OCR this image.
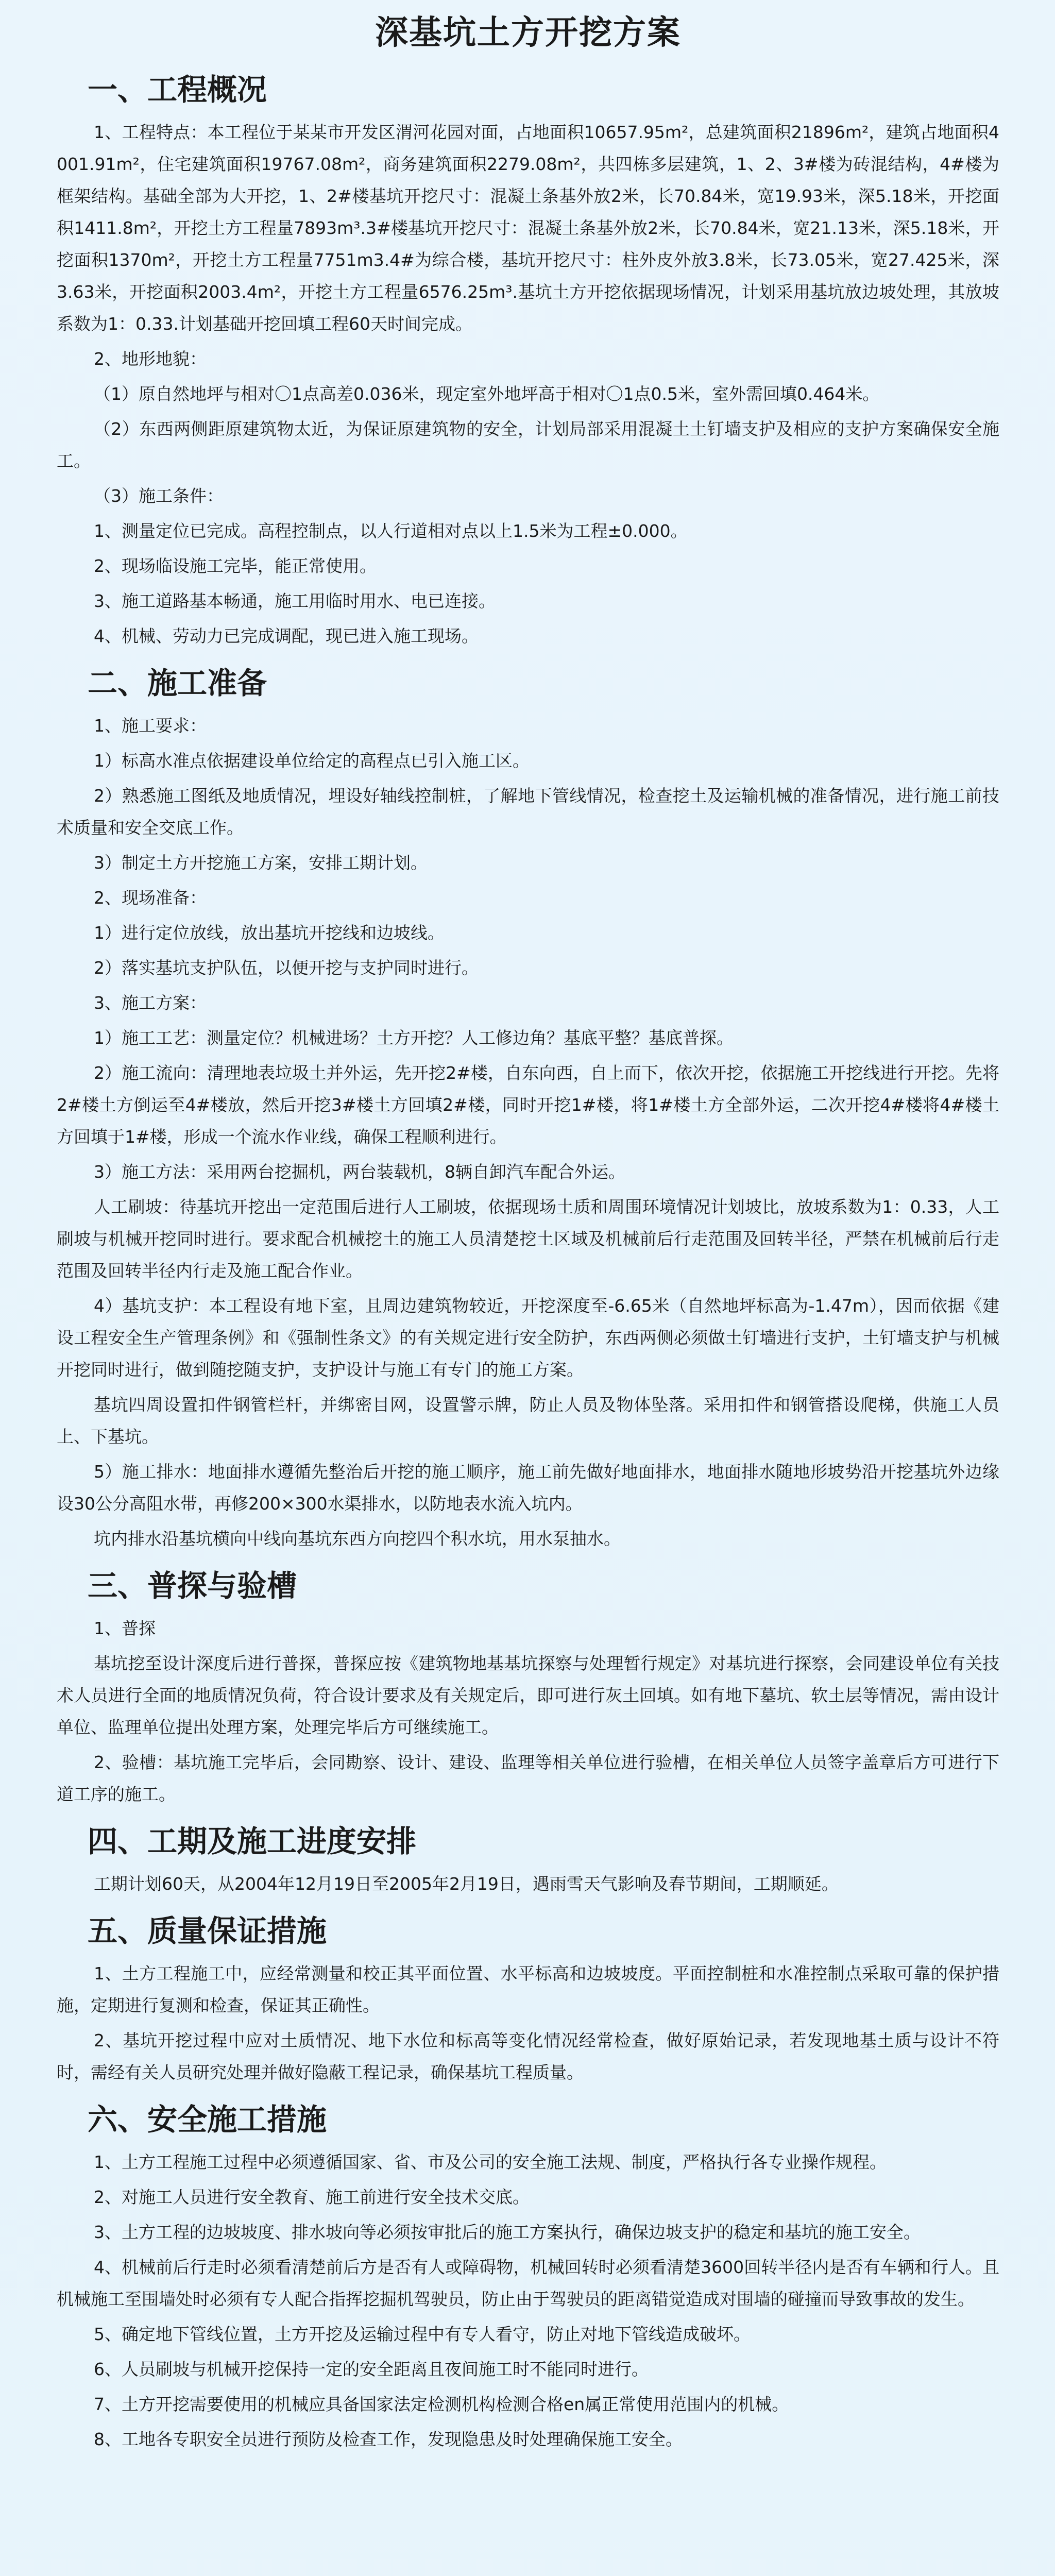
深基坑土方开挖方案
一、工程概况
1、工程特点：本工程位于某某市开发区渭河花园对面，占地面积10657.95m²，总建筑面积21896m²，建筑占地面积4001.91m²，住宅建筑面积19767.08m²，商务建筑面积2279.08m²，共四栋多层建筑，1、2、3#楼为砖混结构，4#楼为框架结构。基础全部为大开挖，1、2#楼基坑开挖尺寸：混凝土条基外放2米，长70.84米，宽19.93米，深5.18米，开挖面积1411.8m²，开挖土方工程量7893m³.3#楼基坑开挖尺寸：混凝土条基外放2米，长70.84米，宽21.13米，深5.18米，开挖面积1370m²，开挖土方工程量7751m3.4#为综合楼，基坑开挖尺寸：柱外皮外放3.8米，长73.05米，宽27.425米，深3.63米，开挖面积2003.4m²，开挖土方工程量6576.25m³.基坑土方开挖依据现场情况，计划采用基坑放边坡处理，其放坡系数为1：0.33.计划基础开挖回填工程60天时间完成。
2、地形地貌：
（1）原自然地坪与相对〇1点高差0.036米，现定室外地坪高于相对〇1点0.5米，室外需回填0.464米。
（2）东西两侧距原建筑物太近，为保证原建筑物的安全，计划局部采用混凝土土钉墙支护及相应的支护方案确保安全施工。
（3）施工条件：
1、测量定位已完成。高程控制点，以人行道相对点以上1.5米为工程±0.000。
2、现场临设施工完毕，能正常使用。
3、施工道路基本畅通，施工用临时用水、电已连接。
4、机械、劳动力已完成调配，现已进入施工现场。
二、施工准备
1、施工要求：
1）标高水准点依据建设单位给定的高程点已引入施工区。
2）熟悉施工图纸及地质情况，埋设好轴线控制桩，了解地下管线情况，检查挖土及运输机械的准备情况，进行施工前技术质量和安全交底工作。
3）制定土方开挖施工方案，安排工期计划。
2、现场准备：
1）进行定位放线，放出基坑开挖线和边坡线。
2）落实基坑支护队伍，以便开挖与支护同时进行。
3、施工方案：
1）施工工艺：测量定位？机械进场？土方开挖？人工修边角？基底平整？基底普探。
2）施工流向：清理地表垃圾土并外运，先开挖2#楼，自东向西，自上而下，依次开挖，依据施工开挖线进行开挖。先将2#楼土方倒运至4#楼放，然后开挖3#楼土方回填2#楼，同时开挖1#楼，将1#楼土方全部外运，二次开挖4#楼将4#楼土方回填于1#楼，形成一个流水作业线，确保工程顺利进行。
3）施工方法：采用两台挖掘机，两台装载机，8辆自卸汽车配合外运。
人工刷坡：待基坑开挖出一定范围后进行人工刷坡，依据现场土质和周围环境情况计划坡比，放坡系数为1：0.33，人工刷坡与机械开挖同时进行。要求配合机械挖土的施工人员清楚挖土区域及机械前后行走范围及回转半径，严禁在机械前后行走范围及回转半径内行走及施工配合作业。
4）基坑支护：本工程设有地下室，且周边建筑物较近，开挖深度至-6.65米（自然地坪标高为-1.47m），因而依据《建设工程安全生产管理条例》和《强制性条文》的有关规定进行安全防护，东西两侧必须做土钉墙进行支护，土钉墙支护与机械开挖同时进行，做到随挖随支护，支护设计与施工有专门的施工方案。
基坑四周设置扣件钢管栏杆，并绑密目网，设置警示牌，防止人员及物体坠落。采用扣件和钢管搭设爬梯，供施工人员上、下基坑。
5）施工排水：地面排水遵循先整治后开挖的施工顺序，施工前先做好地面排水，地面排水随地形坡势沿开挖基坑外边缘设30公分高阻水带，再修200×300水渠排水，以防地表水流入坑内。
坑内排水沿基坑横向中线向基坑东西方向挖四个积水坑，用水泵抽水。
三、普探与验槽
1、普探
基坑挖至设计深度后进行普探，普探应按《建筑物地基基坑探察与处理暂行规定》对基坑进行探察，会同建设单位有关技术人员进行全面的地质情况负荷，符合设计要求及有关规定后，即可进行灰土回填。如有地下墓坑、软土层等情况，需由设计单位、监理单位提出处理方案，处理完毕后方可继续施工。
2、验槽：基坑施工完毕后，会同勘察、设计、建设、监理等相关单位进行验槽，在相关单位人员签字盖章后方可进行下道工序的施工。
四、工期及施工进度安排
工期计划60天，从2004年12月19日至2005年2月19日，遇雨雪天气影响及春节期间，工期顺延。
五、质量保证措施
1、土方工程施工中，应经常测量和校正其平面位置、水平标高和边坡坡度。平面控制桩和水准控制点采取可靠的保护措施，定期进行复测和检查，保证其正确性。
2、基坑开挖过程中应对土质情况、地下水位和标高等变化情况经常检查，做好原始记录，若发现地基土质与设计不符时，需经有关人员研究处理并做好隐蔽工程记录，确保基坑工程质量。
六、安全施工措施
1、土方工程施工过程中必须遵循国家、省、市及公司的安全施工法规、制度，严格执行各专业操作规程。
2、对施工人员进行安全教育、施工前进行安全技术交底。
3、土方工程的边坡坡度、排水坡向等必须按审批后的施工方案执行，确保边坡支护的稳定和基坑的施工安全。
4、机械前后行走时必须看清楚前后方是否有人或障碍物，机械回转时必须看清楚3600回转半径内是否有车辆和行人。且机械施工至围墙处时必须有专人配合指挥挖掘机驾驶员，防止由于驾驶员的距离错觉造成对围墙的碰撞而导致事故的发生。
5、确定地下管线位置，土方开挖及运输过程中有专人看守，防止对地下管线造成破坏。
6、人员刷坡与机械开挖保持一定的安全距离且夜间施工时不能同时进行。
7、土方开挖需要使用的机械应具备国家法定检测机构检测合格en属正常使用范围内的机械。
8、工地各专职安全员进行预防及检查工作，发现隐患及时处理确保施工安全。
